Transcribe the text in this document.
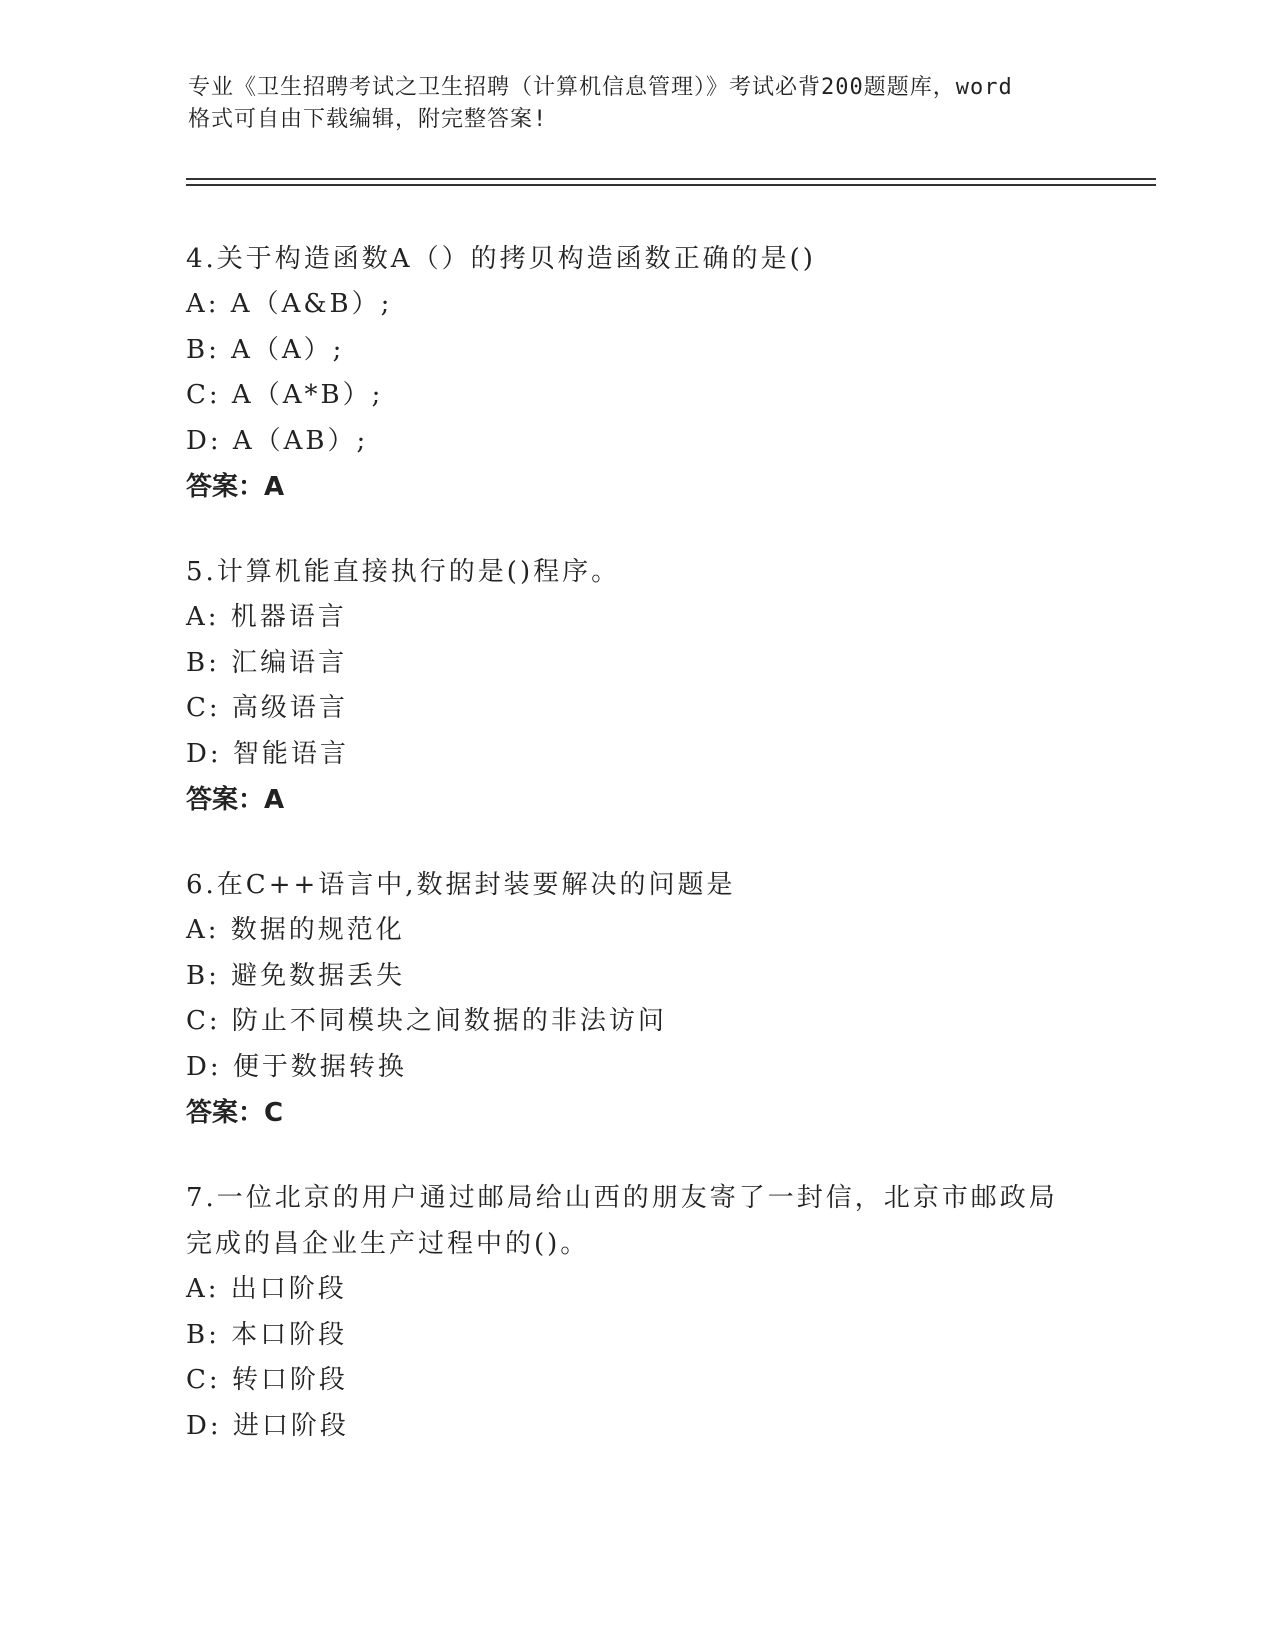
专业《卫生招聘考试之卫生招聘（计算机信息管理）》考试必背200题题库，word
格式可自由下载编辑，附完整答案!

4.关于构造函数A（）的拷贝构造函数正确的是()

A: A（A&B）;

B: A（A）;

C: A（A*B）;

D: A（AB）;

答案：A

5.计算机能直接执行的是()程序。

A: 机器语言

B: 汇编语言

C: 高级语言

D: 智能语言

答案：A

6.在C++语言中,数据封装要解决的问题是

A: 数据的规范化

B: 避免数据丢失

C: 防止不同模块之间数据的非法访问

D: 便于数据转换

答案：C

7.一位北京的用户通过邮局给山西的朋友寄了一封信，北京市邮政局

完成的昌企业生产过程中的()。

A: 出口阶段

B: 本口阶段

C: 转口阶段

D: 进口阶段
